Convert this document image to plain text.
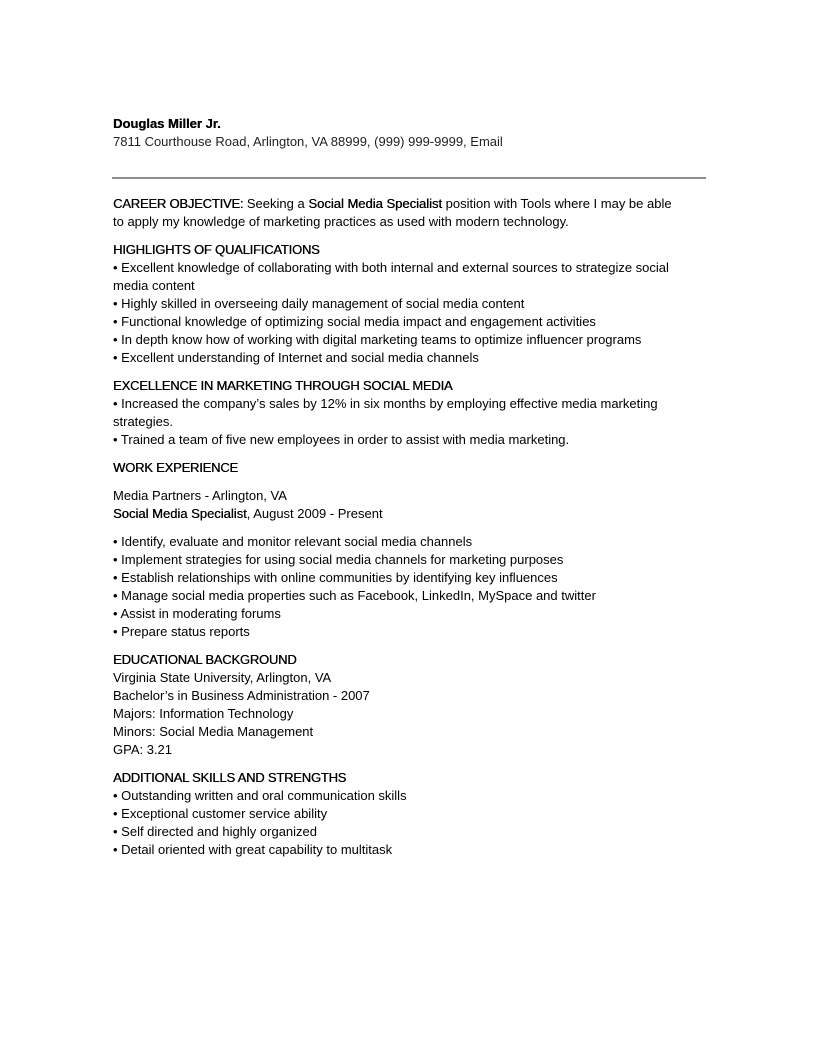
Douglas Miller Jr.
7811 Courthouse Road, Arlington, VA 88999, (999) 999-9999, Email
CAREER OBJECTIVE: Seeking a Social Media Specialist position with Tools where I may be able
to apply my knowledge of marketing practices as used with modern technology.
HIGHLIGHTS OF QUALIFICATIONS
• Excellent knowledge of collaborating with both internal and external sources to strategize social
media content
• Highly skilled in overseeing daily management of social media content
• Functional knowledge of optimizing social media impact and engagement activities
• In depth know how of working with digital marketing teams to optimize influencer programs
• Excellent understanding of Internet and social media channels
EXCELLENCE IN MARKETING THROUGH SOCIAL MEDIA
• Increased the company’s sales by 12% in six months by employing effective media marketing
strategies.
• Trained a team of five new employees in order to assist with media marketing.
WORK EXPERIENCE
Media Partners - Arlington, VA
Social Media Specialist, August 2009 - Present
• Identify, evaluate and monitor relevant social media channels
• Implement strategies for using social media channels for marketing purposes
• Establish relationships with online communities by identifying key influences
• Manage social media properties such as Facebook, LinkedIn, MySpace and twitter
• Assist in moderating forums
• Prepare status reports
EDUCATIONAL BACKGROUND
Virginia State University, Arlington, VA
Bachelor’s in Business Administration - 2007
Majors: Information Technology
Minors: Social Media Management
GPA: 3.21
ADDITIONAL SKILLS AND STRENGTHS
• Outstanding written and oral communication skills
• Exceptional customer service ability
• Self directed and highly organized
• Detail oriented with great capability to multitask
